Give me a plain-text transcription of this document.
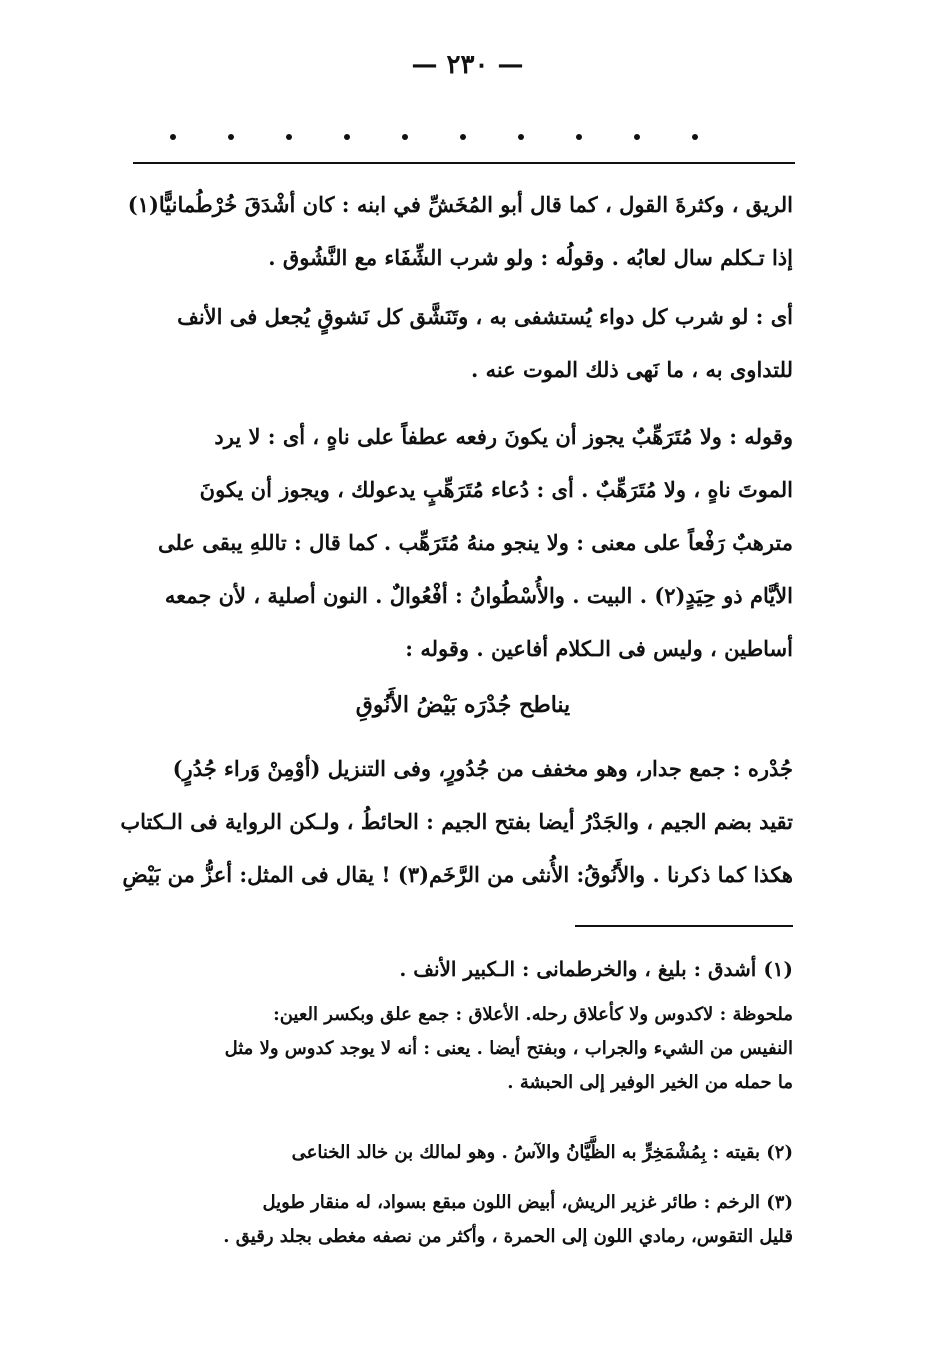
— ٢٣٠ —
الريق ، وكثرةَ القول ، كما قال أبو المُخَشِّ في ابنه : كان أشْدَقَ خُرْطُمانيًّا(١)
إذا تـكلم سال لعابُه . وقولُه : ولو شرب الشِّفَاء مع النَّشُوق .
أى : لو شرب كل دواء يُستشفى به ، وتَنَشَّق كل نَشوقٍ يُجعل فى الأنف
للتداوى به ، ما نَهى ذلك الموت عنه .
وقوله : ولا مُتَرَهِّبٌ يجوز أن يكونَ رفعه عطفاً على ناهٍ ، أى : لا يرد
الموتَ ناهٍ ، ولا مُتَرَهِّبٌ . أى : دُعاء مُتَرَهِّبٍ يدعولك ، ويجوز أن يكونَ
مترهبٌ رَفْعاً على معنى : ولا ينجو منهُ مُتَرَهِّب . كما قال : تاللهِ يبقى على
الأيَّام ذو حِيَدٍ(٢) . البيت . والأُسْطُوانُ : أفْعُوالٌ . النون أصلية ، لأن جمعه
أساطين ، وليس فى الـكلام أفاعين . وقوله :
يناطح جُدْرَه بَيْضُ الأَنُوقِ
جُدْره : جمع جدار، وهو مخفف من جُدُورٍ، وفى التنزيل (أوْمِنْ وَراء جُدُرٍ)
تقيد بضم الجيم ، والجَدْرُ أيضا بفتح الجيم : الحائطُ ، ولـكن الرواية فى الـكتاب
هكذا كما ذكرنا . والأَنُوقُ: الأُنثى من الرَّخَم(٣) ! يقال فى المثل: أعزُّ من بَيْضِ
(١) أشدق : بليغ ، والخرطمانى : الـكبير الأنف .
ملحوظة : لاكدوس ولا كأعلاق رحله. الأعلاق : جمع علق وبكسر العين:
النفيس من الشيء والجراب ، وبفتح أيضا . يعنى : أنه لا يوجد كدوس ولا مثل
ما حمله من الخير الوفير إلى الحبشة .
(٢) بقيته : بِمُشْمَخِرٍّ به الظَّيَّانُ والآسُ . وهو لمالك بن خالد الخناعى
(٣) الرخم : طائر غزير الريش، أبيض اللون مبقع بسواد، له منقار طويل
قليل التقوس، رمادي اللون إلى الحمرة ، وأكثر من نصفه مغطى بجلد رقيق .
